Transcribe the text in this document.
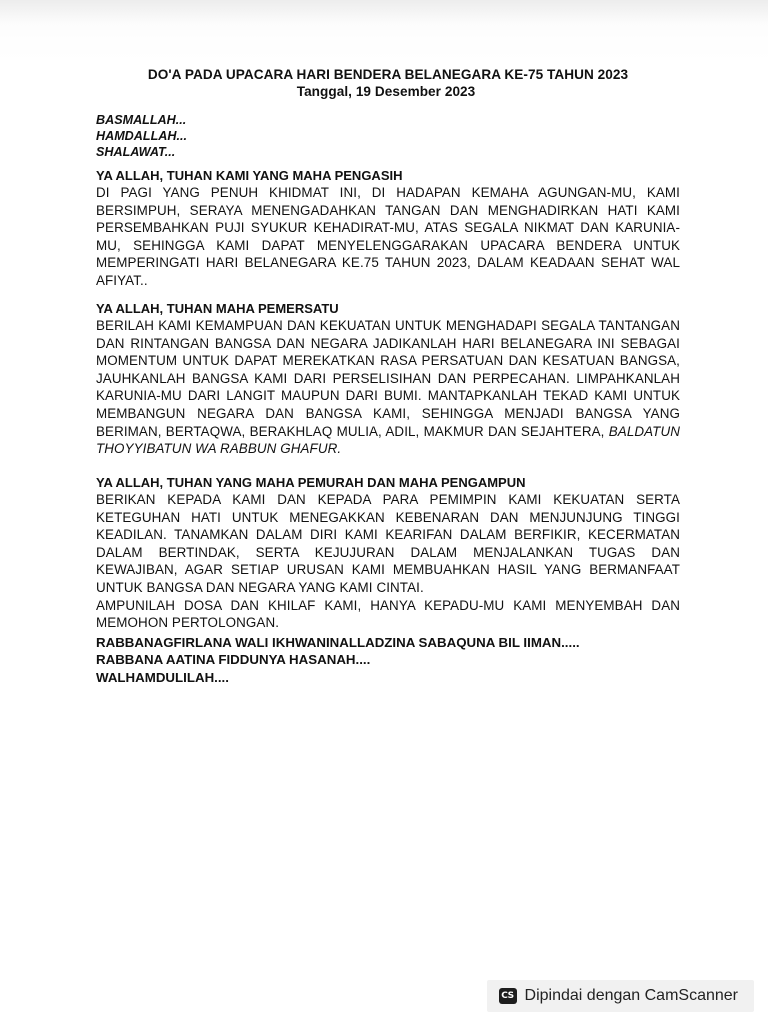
DO'A PADA UPACARA HARI BENDERA BELANEGARA KE-75 TAHUN 2023
Tanggal, 19 Desember 2023
BASMALLAH...
HAMDALLAH...
SHALAWAT...
YA ALLAH, TUHAN KAMI YANG MAHA PENGASIH
DI PAGI YANG PENUH KHIDMAT INI, DI HADAPAN KEMAHA AGUNGAN-MU, KAMI BERSIMPUH, SERAYA MENENGADAHKAN TANGAN DAN MENGHADIRKAN HATI KAMI PERSEMBAHKAN PUJI SYUKUR KEHADIRAT-MU, ATAS SEGALA NIKMAT DAN KARUNIA-MU, SEHINGGA KAMI DAPAT MENYELENGGARAKAN UPACARA BENDERA UNTUK MEMPERINGATI HARI BELANEGARA KE.75 TAHUN 2023, DALAM KEADAAN SEHAT WAL AFIYAT..
YA ALLAH, TUHAN MAHA PEMERSATU
BERILAH KAMI KEMAMPUAN DAN KEKUATAN UNTUK MENGHADAPI SEGALA TANTANGAN DAN RINTANGAN BANGSA DAN NEGARA JADIKANLAH HARI BELANEGARA INI SEBAGAI MOMENTUM UNTUK DAPAT MEREKATKAN RASA PERSATUAN DAN KESATUAN BANGSA, JAUHKANLAH BANGSA KAMI DARI PERSELISIHAN DAN PERPECAHAN. LIMPAHKANLAH KARUNIA-MU DARI LANGIT MAUPUN DARI BUMI. MANTAPKANLAH TEKAD KAMI UNTUK MEMBANGUN NEGARA DAN BANGSA KAMI, SEHINGGA MENJADI BANGSA YANG BERIMAN, BERTAQWA, BERAKHLAQ MULIA, ADIL, MAKMUR DAN SEJAHTERA, BALDATUN THOYYIBATUN WA RABBUN GHAFUR.
YA ALLAH, TUHAN YANG MAHA PEMURAH DAN MAHA PENGAMPUN
BERIKAN KEPADA KAMI DAN KEPADA PARA PEMIMPIN KAMI KEKUATAN SERTA KETEGUHAN HATI UNTUK MENEGAKKAN KEBENARAN DAN MENJUNJUNG TINGGI KEADILAN. TANAMKAN DALAM DIRI KAMI KEARIFAN DALAM BERFIKIR, KECERMATAN DALAM BERTINDAK, SERTA KEJUJURAN DALAM MENJALANKAN TUGAS DAN KEWAJIBAN, AGAR SETIAP URUSAN KAMI MEMBUAHKAN HASIL YANG BERMANFAAT UNTUK BANGSA DAN NEGARA YANG KAMI CINTAI.
AMPUNILAH DOSA DAN KHILAF KAMI, HANYA KEPADU-MU KAMI MENYEMBAH DAN MEMOHON PERTOLONGAN.
RABBANAGFIRLANA WALI IKHWANINALLADZINA SABAQUNA BIL IIMAN.....
RABBANA AATINA FIDDUNYA HASANAH....
WALHAMDULILAH....
CS Dipindai dengan CamScanner
